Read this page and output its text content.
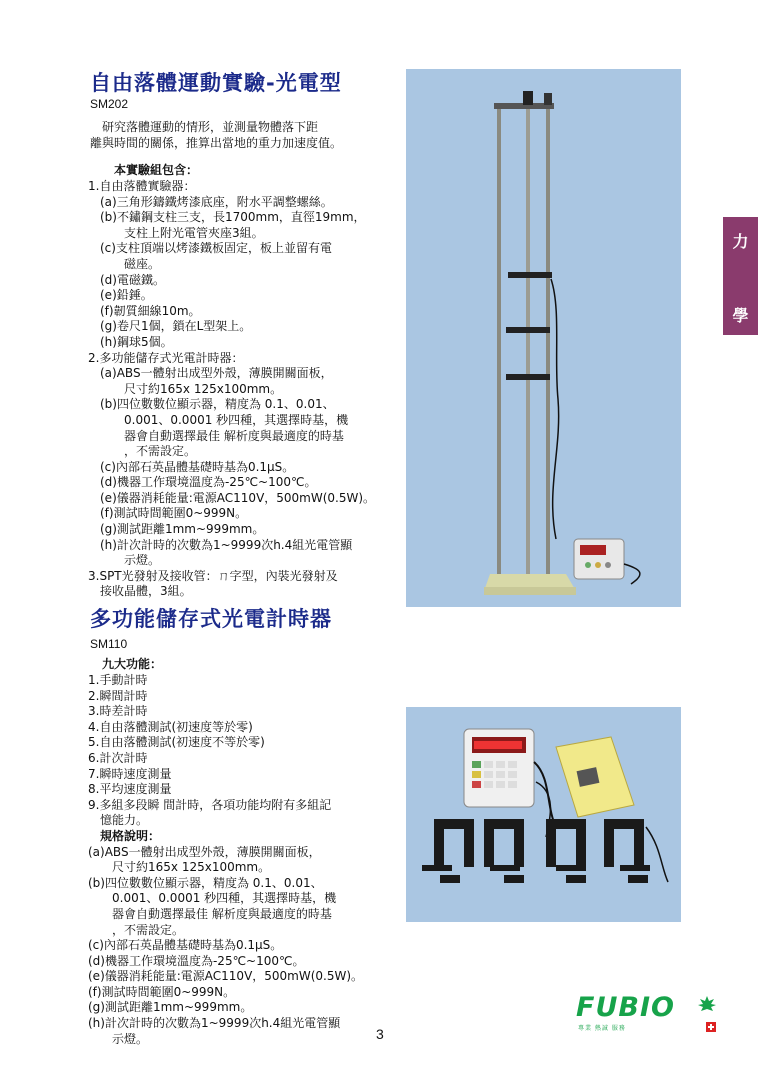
自由落體運動實驗-光電型
SM202
　研究落體運動的情形，並測量物體落下距
離與時間的關係，推算出當地的重力加速度值。
　　本實驗組包含：
1.自由落體實驗器：
　(a)三角形鑄鐵烤漆底座，附水平調整螺絲。
　(b)不鏽鋼支柱三支，長1700mm，直徑19mm，
　　　支柱上附光電管夾座3組。
　(c)支柱頂端以烤漆鐵板固定，板上並留有電
　　　磁座。
　(d)電磁鐵。
　(e)鉛錘。
　(f)韌質細線10m。
　(g)卷尺1個，鎖在L型架上。
　(h)鋼球5個。
2.多功能儲存式光電計時器：
　(a)ABS一體射出成型外殼，薄膜開關面板，
　　　尺寸約165x 125x100mm。
　(b)四位數數位顯示器，精度為 0.1、0.01、
　　　0.001、0.0001 秒四種，其選擇時基，機
　　　器會自動選擇最佳 解析度與最適度的時基
　　　，不需設定。
　(c)內部石英晶體基礎時基為0.1μS。
　(d)機器工作環境溫度為-25℃~100℃。
　(e)儀器消耗能量:電源AC110V，500mW(0.5W)。
　(f)測試時間範圍0~999N。
　(g)測試距離1mm~999mm。
　(h)計次計時的次數為1~9999次h.4組光電管顯
　　　示燈。
3.SPT光發射及接收管：ㄇ字型，內裝光發射及
　接收晶體，3組。
力
學
多功能儲存式光電計時器
SM110
　九大功能：
1.手動計時
2.瞬間計時
3.時差計時
4.自由落體測試(初速度等於零)
5.自由落體測試(初速度不等於零)
6.計次計時
7.瞬時速度測量
8.平均速度測量
9.多組多段瞬 間計時，各項功能均附有多組記
　憶能力。
　規格說明：
(a)ABS一體射出成型外殼，薄膜開關面板，
　　尺寸約165x 125x100mm。
(b)四位數數位顯示器，精度為 0.1、0.01、
　　0.001、0.0001 秒四種，其選擇時基，機
　　器會自動選擇最佳 解析度與最適度的時基
　　，不需設定。
(c)內部石英晶體基礎時基為0.1μS。
(d)機器工作環境溫度為-25℃~100℃。
(e)儀器消耗能量:電源AC110V，500mW(0.5W)。
(f)測試時間範圍0~999N。
(g)測試距離1mm~999mm。
(h)計次計時的次數為1~9999次h.4組光電管顯
　　示燈。	3
FUBIO
專業 熱誠 服務
